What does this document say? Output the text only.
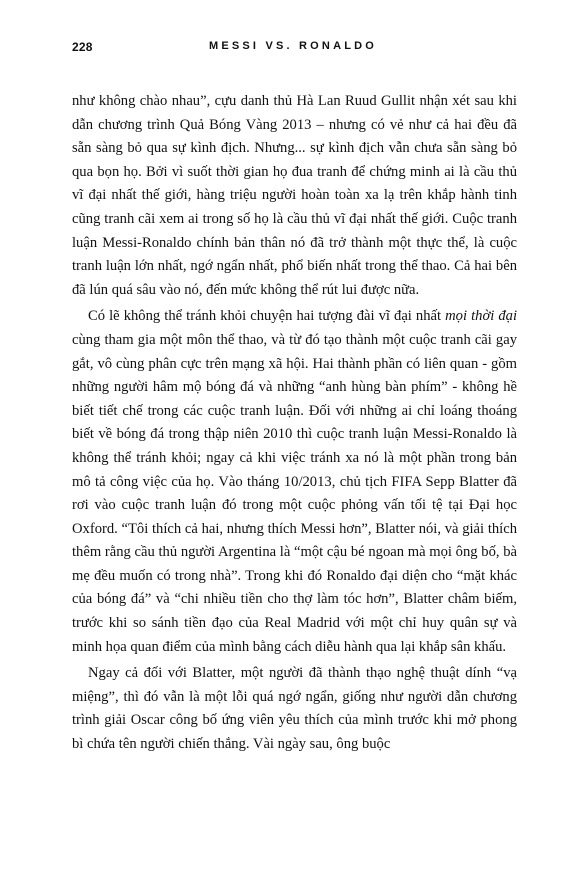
228	MESSI VS. RONALDO

như không chào nhau”, cựu danh thủ Hà Lan Ruud Gullit nhận xét sau khi dẫn chương trình Quả Bóng Vàng 2013 – nhưng có vẻ như cả hai đều đã sẵn sàng bỏ qua sự kình địch. Nhưng... sự kình địch vẫn chưa sẵn sàng bỏ qua bọn họ. Bởi vì suốt thời gian họ đua tranh để chứng minh ai là cầu thủ vĩ đại nhất thế giới, hàng triệu người hoàn toàn xa lạ trên khắp hành tinh cũng tranh cãi xem ai trong số họ là cầu thủ vĩ đại nhất thế giới. Cuộc tranh luận Messi-Ronaldo chính bản thân nó đã trở thành một thực thể, là cuộc tranh luận lớn nhất, ngớ ngẩn nhất, phổ biến nhất trong thể thao. Cả hai bên đã lún quá sâu vào nó, đến mức không thể rút lui được nữa.

Có lẽ không thể tránh khỏi chuyện hai tượng đài vĩ đại nhất mọi thời đại cùng tham gia một môn thể thao, và từ đó tạo thành một cuộc tranh cãi gay gắt, vô cùng phân cực trên mạng xã hội. Hai thành phần có liên quan - gồm những người hâm mộ bóng đá và những “anh hùng bàn phím” - không hề biết tiết chế trong các cuộc tranh luận. Đối với những ai chỉ loáng thoáng biết về bóng đá trong thập niên 2010 thì cuộc tranh luận Messi-Ronaldo là không thể tránh khỏi; ngay cả khi việc tránh xa nó là một phần trong bản mô tả công việc của họ. Vào tháng 10/2013, chủ tịch FIFA Sepp Blatter đã rơi vào cuộc tranh luận đó trong một cuộc phỏng vấn tối tệ tại Đại học Oxford. “Tôi thích cả hai, nhưng thích Messi hơn”, Blatter nói, và giải thích thêm rằng cầu thủ người Argentina là “một cậu bé ngoan mà mọi ông bố, bà mẹ đều muốn có trong nhà”. Trong khi đó Ronaldo đại diện cho “mặt khác của bóng đá” và “chi nhiều tiền cho thợ làm tóc hơn”, Blatter châm biếm, trước khi so sánh tiền đạo của Real Madrid với một chỉ huy quân sự và minh họa quan điểm của mình bằng cách diễu hành qua lại khắp sân khấu.

Ngay cả đối với Blatter, một người đã thành thạo nghệ thuật dính “vạ miệng”, thì đó vẫn là một lỗi quá ngớ ngẩn, giống như người dẫn chương trình giải Oscar công bố ứng viên yêu thích của mình trước khi mở phong bì chứa tên người chiến thắng. Vài ngày sau, ông buộc
